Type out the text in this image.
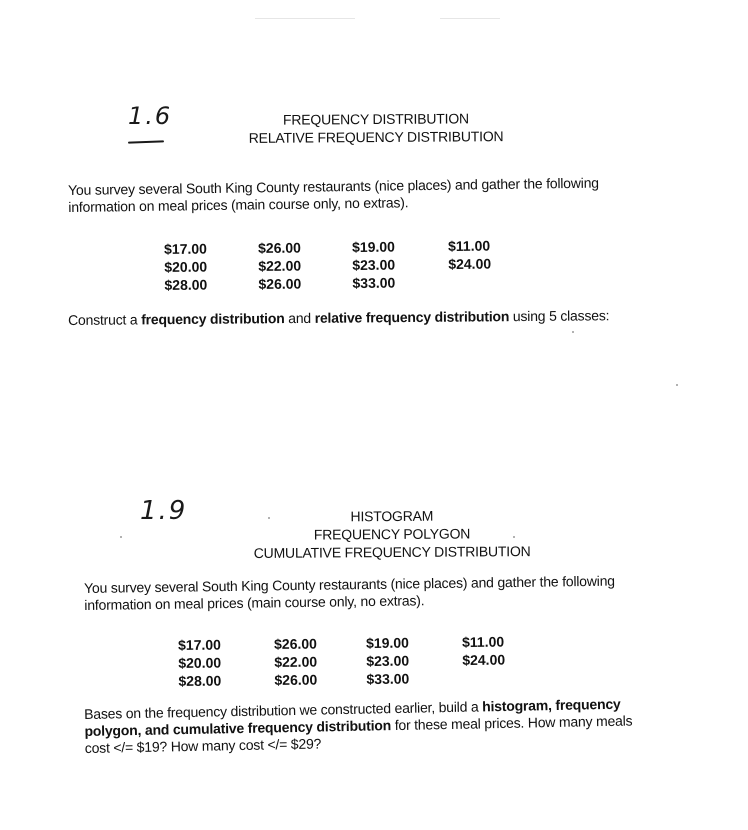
1.6	FREQUENCY DISTRIBUTION
RELATIVE FREQUENCY DISTRIBUTION
You survey several South King County restaurants (nice places) and gather the following
information on meal prices (main course only, no extras).
$17.00
$20.00
$28.00
$26.00
$22.00
$26.00
$19.00
$23.00
$33.00
$11.00
$24.00
Construct a frequency distribution and relative frequency distribution using 5 classes:
1.9	HISTOGRAM
FREQUENCY POLYGON
CUMULATIVE FREQUENCY DISTRIBUTION
You survey several South King County restaurants (nice places) and gather the following
information on meal prices (main course only, no extras).
$17.00
$20.00
$28.00
$26.00
$22.00
$26.00
$19.00
$23.00
$33.00
$11.00
$24.00
Bases on the frequency distribution we constructed earlier, build a histogram, frequency
polygon, and cumulative frequency distribution for these meal prices. How many meals
cost </= $19? How many cost </= $29?
